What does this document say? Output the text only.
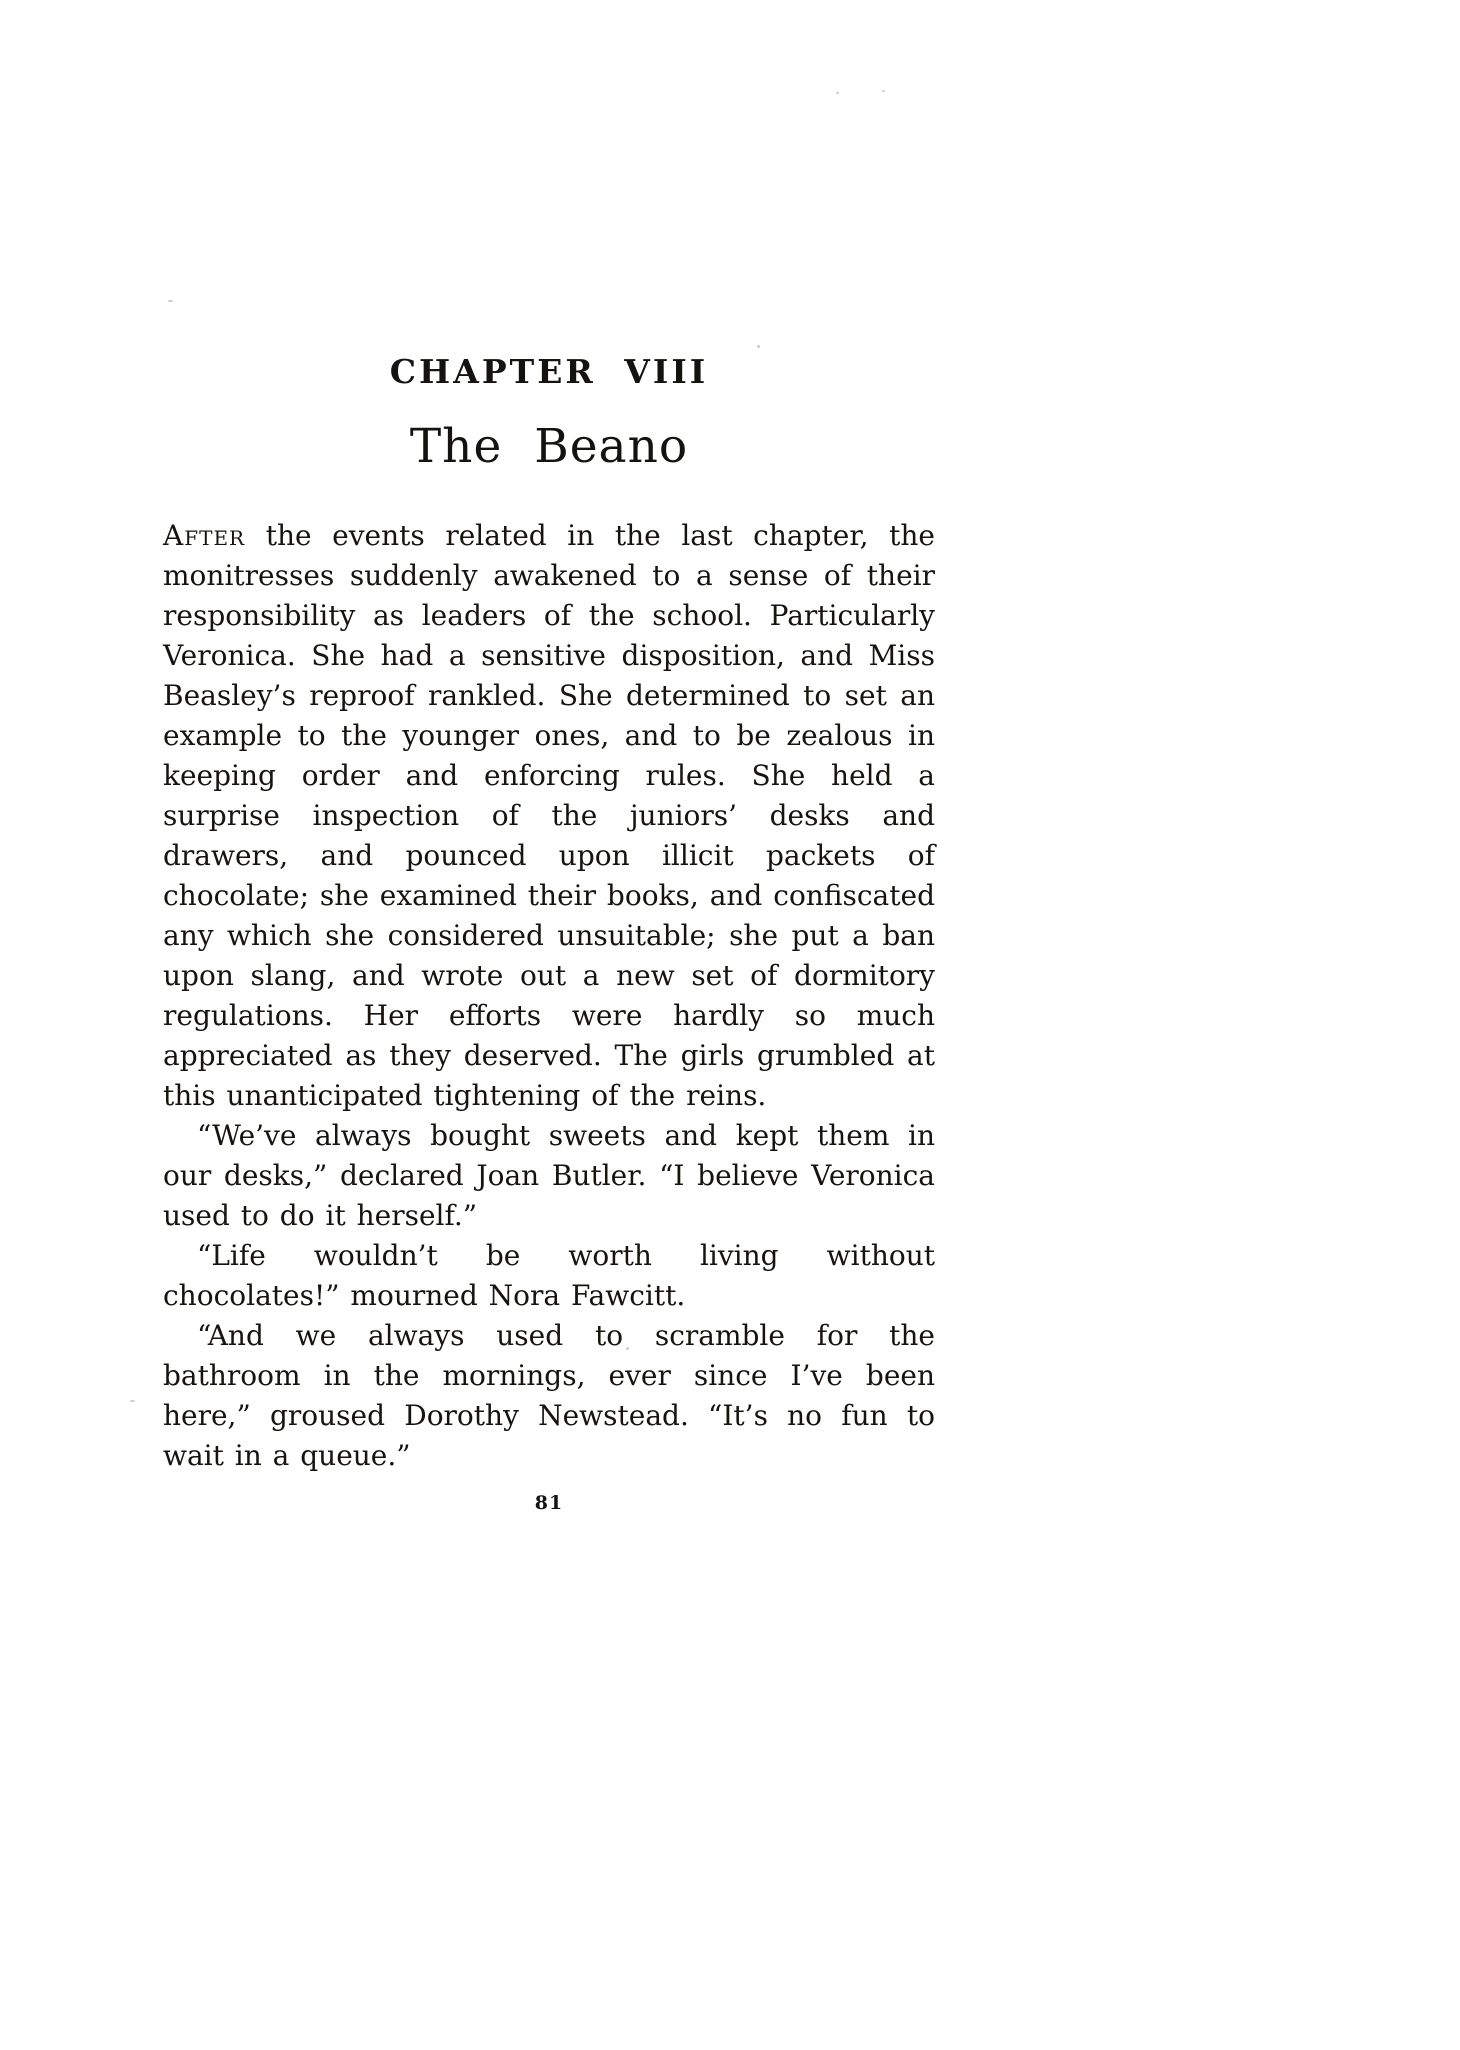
CHAPTER VIII
The Beano

After the events related in the last chapter, the monitresses suddenly awakened to a sense of their responsibility as leaders of the school. Particularly Veronica. She had a sensitive disposition, and Miss Beasley’s reproof rankled. She determined to set an example to the younger ones, and to be zealous in keeping order and enforcing rules. She held a surprise inspection of the juniors’ desks and drawers, and pounced upon illicit packets of chocolate; she examined their books, and confiscated any which she considered unsuitable; she put a ban upon slang, and wrote out a new set of dormitory regulations. Her efforts were hardly so much appreciated as they deserved. The girls grumbled at this unanticipated tightening of the reins.

“We’ve always bought sweets and kept them in our desks,” declared Joan Butler. “I believe Veronica used to do it herself.”

“Life wouldn’t be worth living without chocolates!” mourned Nora Fawcitt.

“And we always used to scramble for the bathroom in the mornings, ever since I’ve been here,” groused Dorothy Newstead. “It’s no fun to wait in a queue.”

81
